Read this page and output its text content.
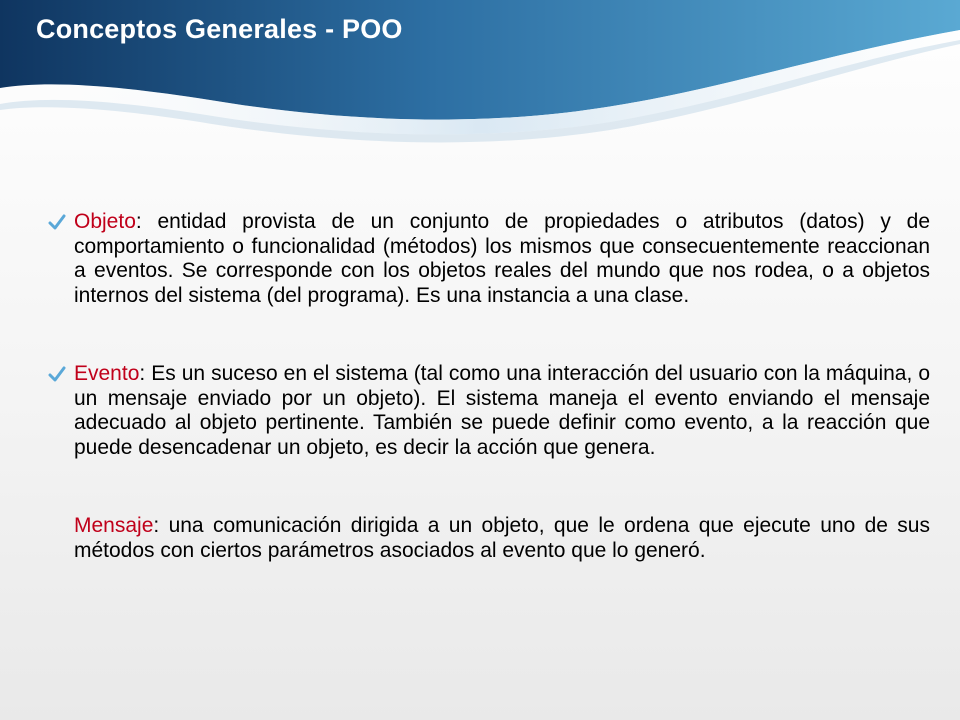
Conceptos Generales - POO

Objeto: entidad provista de un conjunto de propiedades o atributos (datos) y de comportamiento o funcionalidad (métodos) los mismos que consecuentemente reaccionan a eventos. Se corresponde con los objetos reales del mundo que nos rodea, o a objetos internos del sistema (del programa). Es una instancia a una clase.

Evento: Es un suceso en el sistema (tal como una interacción del usuario con la máquina, o un mensaje enviado por un objeto). El sistema maneja el evento enviando el mensaje adecuado al objeto pertinente. También se puede definir como evento, a la reacción que puede desencadenar un objeto, es decir la acción que genera.

Mensaje: una comunicación dirigida a un objeto, que le ordena que ejecute uno de sus métodos con ciertos parámetros asociados al evento que lo generó.
